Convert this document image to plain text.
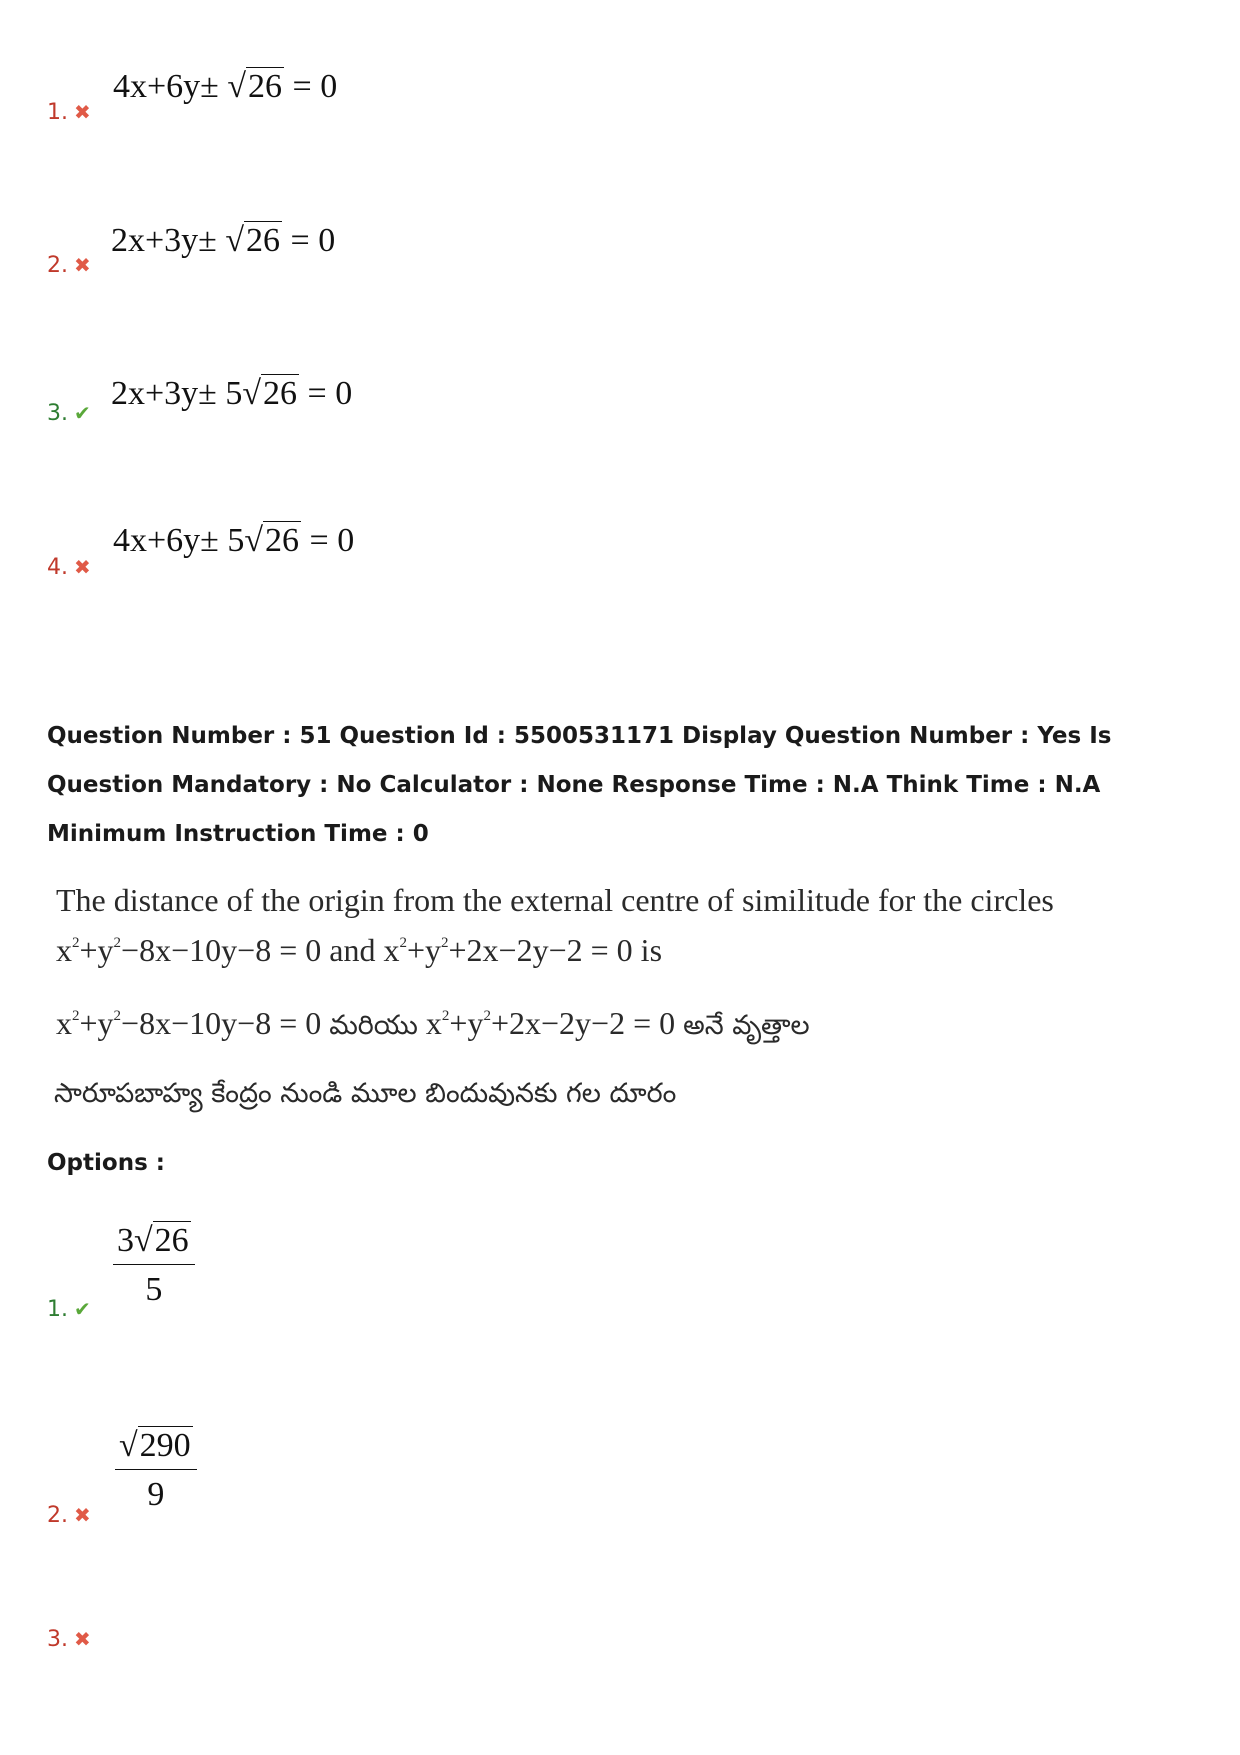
1. ✖
4x+6y± √26 = 0
2. ✖
2x+3y± √26 = 0
3. ✔
2x+3y± 5√26 = 0
4. ✖
4x+6y± 5√26 = 0

Question Number : 51 Question Id : 5500531171 Display Question Number : Yes Is Question Mandatory : No Calculator : None Response Time : N.A Think Time : N.A Minimum Instruction Time : 0

The distance of the origin from the external centre of similitude for the circles
$x^2+y^2-8x-10y-8 = 0$ and $x^2+y^2+2x-2y-2 = 0$ is
$x^2+y^2-8x-10y-8 = 0$ మరియు $x^2+y^2+2x-2y-2 = 0$ అనే వృత్తాల
సారూపబాహ్య కేంద్రం నుండి మూల బిందువునకు గల దూరం
Options :
1. ✔ $\frac{3√26}{5}$
2. ✖
$\frac{√290}{9}$
3. ✖
